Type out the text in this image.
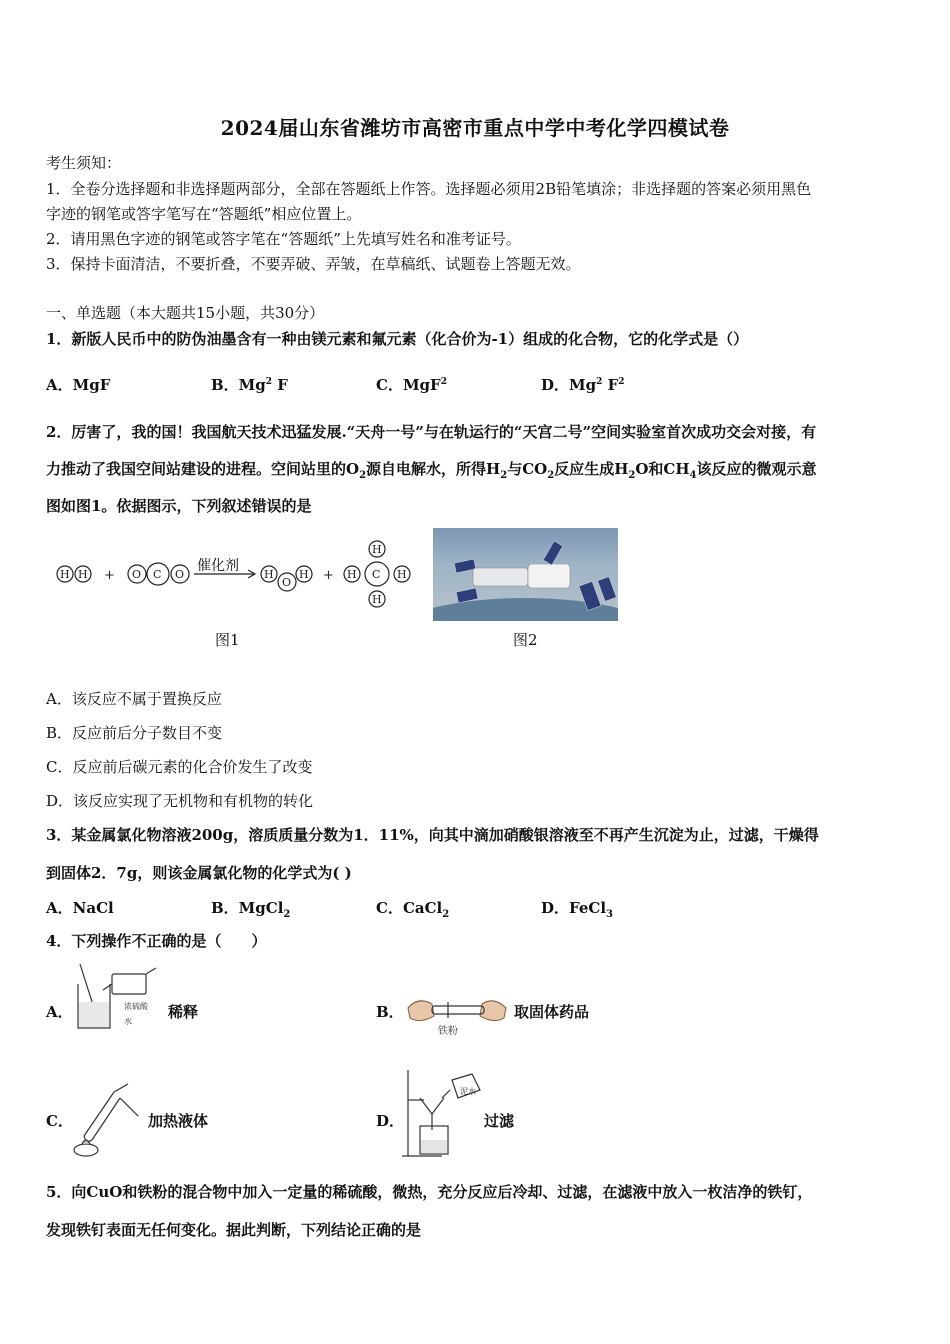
2024届山东省潍坊市高密市重点中学中考化学四模试卷
考生须知：
1．全卷分选择题和非选择题两部分，全部在答题纸上作答。选择题必须用2B铅笔填涂；非选择题的答案必须用黑色
字迹的钢笔或答字笔写在“答题纸”相应位置上。
2．请用黑色字迹的钢笔或答字笔在“答题纸”上先填写姓名和准考证号。
3．保持卡面清洁，不要折叠，不要弄破、弄皱，在草稿纸、试题卷上答题无效。
一、单选题（本大题共15小题，共30分）
1．新版人民币中的防伪油墨含有一种由镁元素和氟元素（化合价为-1）组成的化合物，它的化学式是（）
A．MgF	B．Mg$^2$ F	C．MgF$^2$	D．Mg$^2$ $F^2$
2．厉害了，我的国！我国航天技术迅猛发展.“天舟一号”与在轨运行的“天宫二号”空间实验室首次成功交会对接，有
力推动了我国空间站建设的进程。空间站里的$O_2$源自电解水，所得$H_2$与$CO_2$反应生成$H_2O$和$CH_4$该反应的微观示意
图如图1。依据图示，下列叙述错误的是
H H + O C O	H
O
H +
H
H C H
H
催化剂
图1	图2
A．该反应不属于置换反应
B．反应前后分子数目不变
C．反应前后碳元素的化合价发生了改变
D．该反应实现了无机物和有机物的转化
3．某金属氯化物溶液200g，溶质质量分数为1．11%，向其中滴加硝酸银溶液至不再产生沉淀为止，过滤，干燥得
到固体2．7g，则该金属氯化物的化学式为( )
A．NaCl	B．MgCl$_2$	C．CaCl$_2$	D．FeCl$_3$
4．下列操作不正确的是（　　）
A．	浓硫酸
水
稀释	B．
铁粉
取固体药品
C．	加热液体	D．
泥水
过滤
5．向CuO和铁粉的混合物中加入一定量的稀硫酸，微热，充分反应后冷却、过滤，在滤液中放入一枚洁净的铁钉，
发现铁钉表面无任何变化。据此判断，下列结论正确的是
